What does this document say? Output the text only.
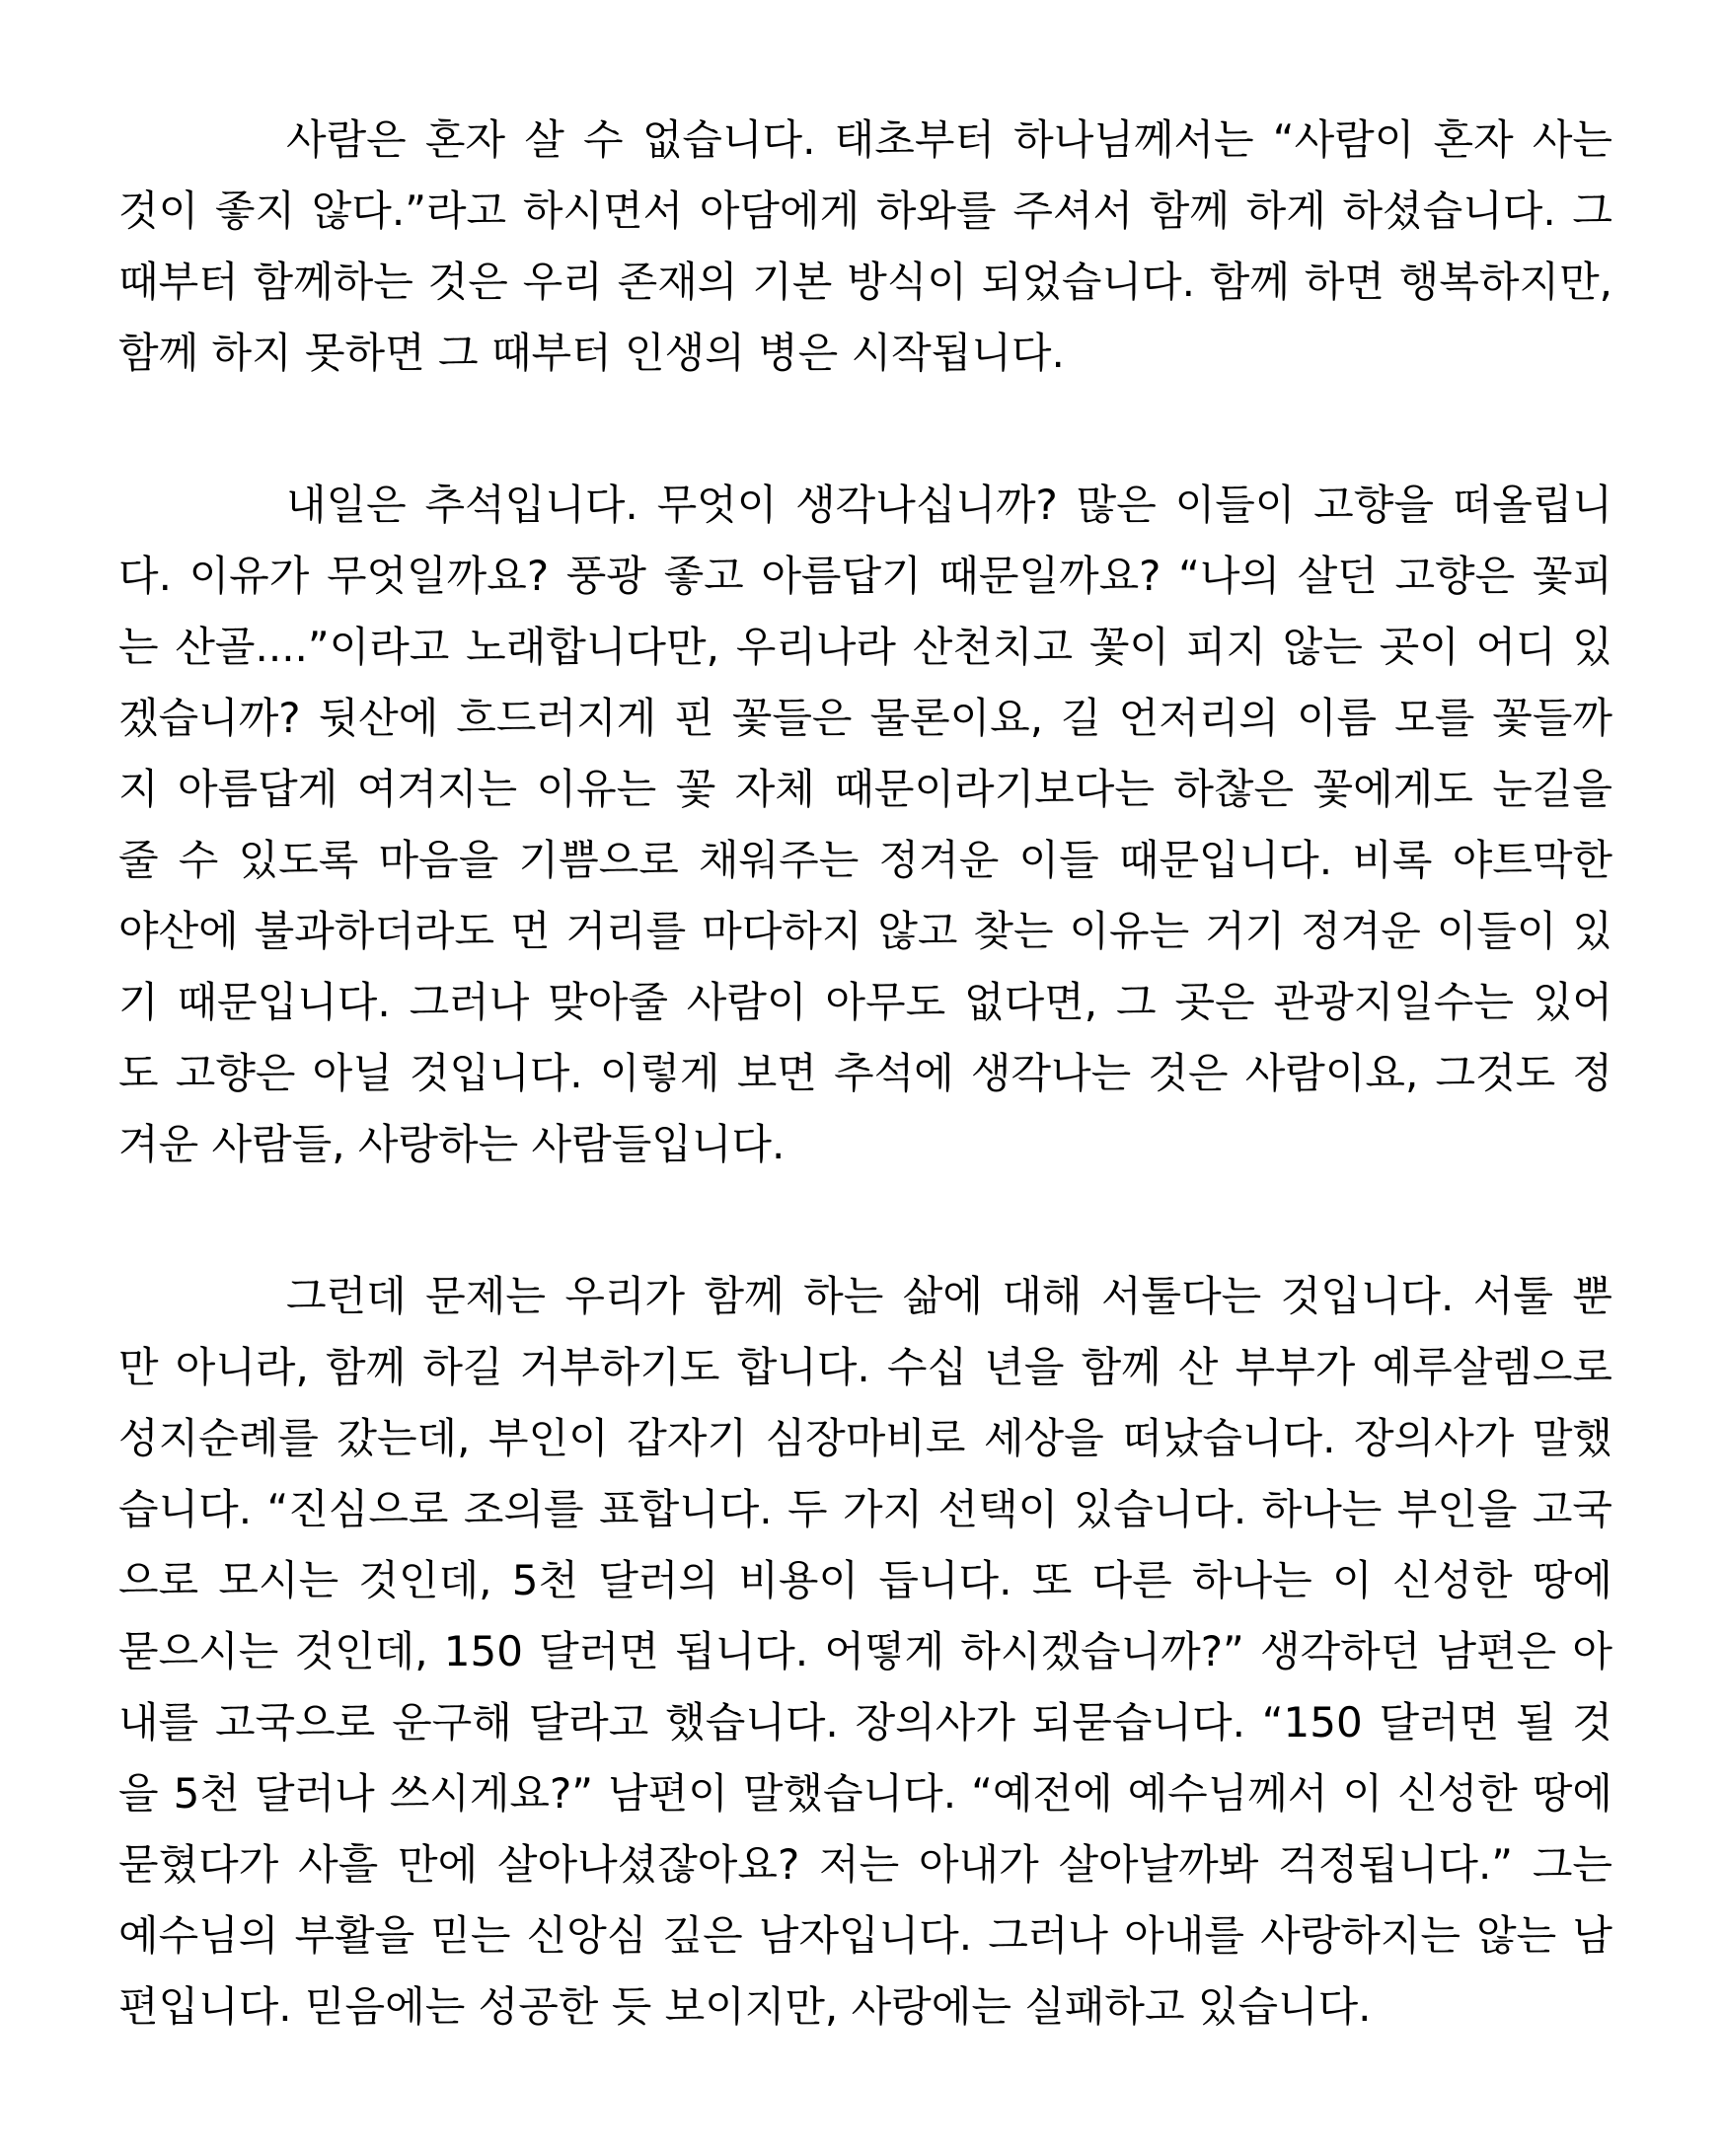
사람은 혼자 살 수 없습니다. 태초부터 하나님께서는 “사람이 혼자 사는
것이 좋지 않다.”라고 하시면서 아담에게 하와를 주셔서 함께 하게 하셨습니다. 그
때부터 함께하는 것은 우리 존재의 기본 방식이 되었습니다. 함께 하면 행복하지만,
함께 하지 못하면 그 때부터 인생의 병은 시작됩니다.
내일은 추석입니다. 무엇이 생각나십니까? 많은 이들이 고향을 떠올립니
다. 이유가 무엇일까요? 풍광 좋고 아름답기 때문일까요? “나의 살던 고향은 꽃피
는 산골....”이라고 노래합니다만, 우리나라 산천치고 꽃이 피지 않는 곳이 어디 있
겠습니까? 뒷산에 흐드러지게 핀 꽃들은 물론이요, 길 언저리의 이름 모를 꽃들까
지 아름답게 여겨지는 이유는 꽃 자체 때문이라기보다는 하찮은 꽃에게도 눈길을
줄 수 있도록 마음을 기쁨으로 채워주는 정겨운 이들 때문입니다. 비록 야트막한
야산에 불과하더라도 먼 거리를 마다하지 않고 찾는 이유는 거기 정겨운 이들이 있
기 때문입니다. 그러나 맞아줄 사람이 아무도 없다면, 그 곳은 관광지일수는 있어
도 고향은 아닐 것입니다. 이렇게 보면 추석에 생각나는 것은 사람이요, 그것도 정
겨운 사람들, 사랑하는 사람들입니다.
그런데 문제는 우리가 함께 하는 삶에 대해 서툴다는 것입니다. 서툴 뿐
만 아니라, 함께 하길 거부하기도 합니다. 수십 년을 함께 산 부부가 예루살렘으로
성지순례를 갔는데, 부인이 갑자기 심장마비로 세상을 떠났습니다. 장의사가 말했
습니다. “진심으로 조의를 표합니다. 두 가지 선택이 있습니다. 하나는 부인을 고국
으로 모시는 것인데, 5천 달러의 비용이 듭니다. 또 다른 하나는 이 신성한 땅에
묻으시는 것인데, 150 달러면 됩니다. 어떻게 하시겠습니까?” 생각하던 남편은 아
내를 고국으로 운구해 달라고 했습니다. 장의사가 되묻습니다. “150 달러면 될 것
을 5천 달러나 쓰시게요?” 남편이 말했습니다. “예전에 예수님께서 이 신성한 땅에
묻혔다가 사흘 만에 살아나셨잖아요? 저는 아내가 살아날까봐 걱정됩니다.” 그는
예수님의 부활을 믿는 신앙심 깊은 남자입니다. 그러나 아내를 사랑하지는 않는 남
편입니다. 믿음에는 성공한 듯 보이지만, 사랑에는 실패하고 있습니다.
